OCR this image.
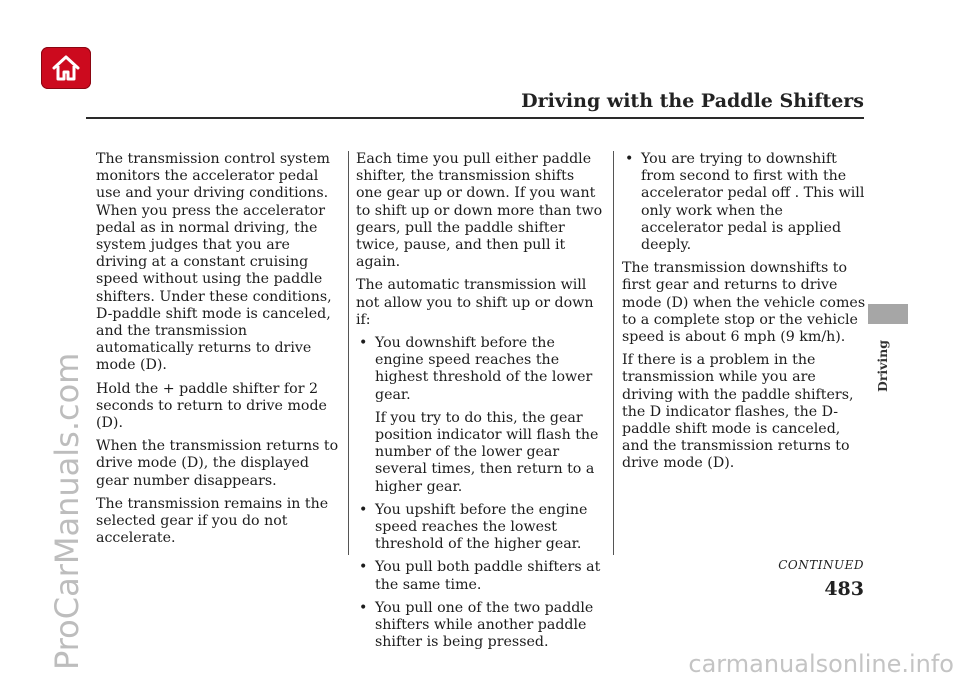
Driving with the Paddle Shifters

The transmission control system monitors the accelerator pedal use and your driving conditions. When you press the accelerator pedal as in normal driving, the system judges that you are driving at a constant cruising speed without using the paddle shifters. Under these conditions, D-paddle shift mode is canceled, and the transmission automatically returns to drive mode (D).

Hold the + paddle shifter for 2 seconds to return to drive mode (D).

When the transmission returns to drive mode (D), the displayed gear number disappears.

The transmission remains in the selected gear if you do not accelerate.

Each time you pull either paddle shifter, the transmission shifts one gear up or down. If you want to shift up or down more than two gears, pull the paddle shifter twice, pause, and then pull it again.

The automatic transmission will not allow you to shift up or down if:

• You downshift before the engine speed reaches the highest threshold of the lower gear.

If you try to do this, the gear position indicator will flash the number of the lower gear several times, then return to a higher gear.

• You upshift before the engine speed reaches the lowest threshold of the higher gear.
• You pull both paddle shifters at the same time.
• You pull one of the two paddle shifters while another paddle shifter is being pressed.
• You are trying to downshift from second to first with the accelerator pedal off . This will only work when the accelerator pedal is applied deeply.

The transmission downshifts to first gear and returns to drive mode (D) when the vehicle comes to a complete stop or the vehicle speed is about 6 mph (9 km/h).

If there is a problem in the transmission while you are driving with the paddle shifters, the D indicator flashes, the D-paddle shift mode is canceled, and the transmission returns to drive mode (D).

Driving
CONTINUED
483
ProCarManuals.com	carmanualsonline.info
